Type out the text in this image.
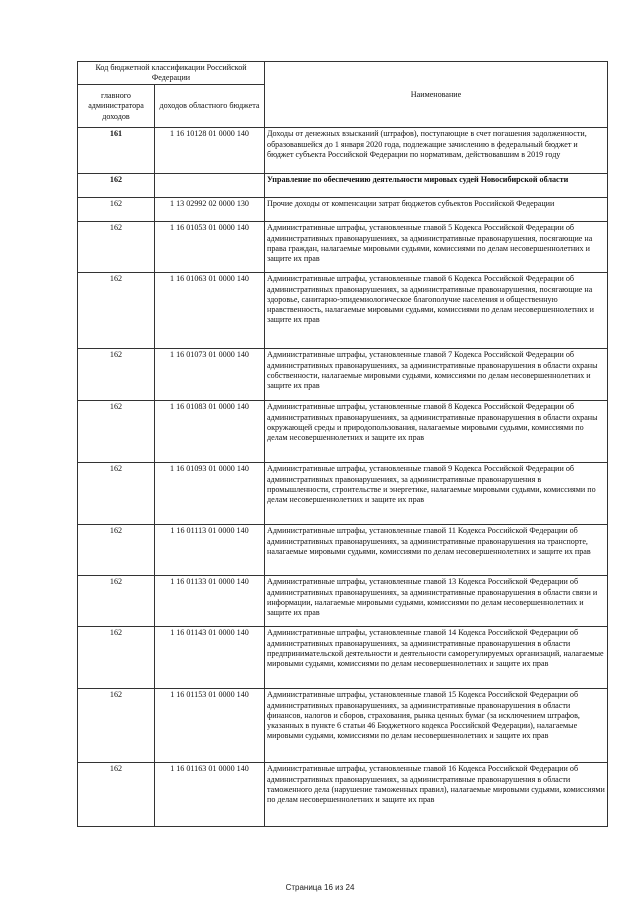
Код бюджетной классификации Российской Федерации		Наименование
главного администратора доходов	доходов областного бюджета	
161	1 16 10128 01 0000 140	Доходы от денежных взысканий (штрафов), поступающие в счет погашения задолженности, образовавшейся до 1 января 2020 года, подлежащие зачислению в федеральный бюджет и бюджет субъекта Российской Федерации по нормативам, действовавшим в 2019 году
162		Управление по обеспечению деятельности мировых судей Новосибирской области
162	1 13 02992 02 0000 130	Прочие доходы от компенсации затрат бюджетов субъектов Российской Федерации
162	1 16 01053 01 0000 140	Административные штрафы, установленные главой 5 Кодекса Российской Федерации об административных правонарушениях, за административные правонарушения, посягающие на права граждан, налагаемые мировыми судьями, комиссиями по делам несовершеннолетних и защите их прав
162	1 16 01063 01 0000 140	Административные штрафы, установленные главой 6 Кодекса Российской Федерации об административных правонарушениях, за административные правонарушения, посягающие на здоровье, санитарно-эпидемиологическое благополучие населения и общественную нравственность, налагаемые мировыми судьями, комиссиями по делам несовершеннолетних и защите их прав
162	1 16 01073 01 0000 140	Административные штрафы, установленные главой 7 Кодекса Российской Федерации об административных правонарушениях, за административные правонарушения в области охраны собственности, налагаемые мировыми судьями, комиссиями по делам несовершеннолетних и защите их прав
162	1 16 01083 01 0000 140	Административные штрафы, установленные главой 8 Кодекса Российской Федерации об административных правонарушениях, за административные правонарушения в области охраны окружающей среды и природопользования, налагаемые мировыми судьями, комиссиями по делам несовершеннолетних и защите их прав
162	1 16 01093 01 0000 140	Административные штрафы, установленные главой 9 Кодекса Российской Федерации об административных правонарушениях, за административные правонарушения в промышленности, строительстве и энергетике, налагаемые мировыми судьями, комиссиями по делам несовершеннолетних и защите их прав
162	1 16 01113 01 0000 140	Административные штрафы, установленные главой 11 Кодекса Российской Федерации об административных правонарушениях, за административные правонарушения на транспорте, налагаемые мировыми судьями, комиссиями по делам несовершеннолетних и защите их прав
162	1 16 01133 01 0000 140	Административные штрафы, установленные главой 13 Кодекса Российской Федерации об административных правонарушениях, за административные правонарушения в области связи и информации, налагаемые мировыми судьями, комиссиями по делам несовершеннолетних и защите их прав
162	1 16 01143 01 0000 140	Административные штрафы, установленные главой 14 Кодекса Российской Федерации об административных правонарушениях, за административные правонарушения в области предпринимательской деятельности и деятельности саморегулируемых организаций, налагаемые мировыми судьями, комиссиями по делам несовершеннолетних и защите их прав
162	1 16 01153 01 0000 140	Административные штрафы, установленные главой 15 Кодекса Российской Федерации об административных правонарушениях, за административные правонарушения в области финансов, налогов и сборов, страхования, рынка ценных бумаг (за исключением штрафов, указанных в пункте 6 статьи 46 Бюджетного кодекса Российской Федерации), налагаемые мировыми судьями, комиссиями по делам несовершеннолетних и защите их прав
162	1 16 01163 01 0000 140	Административные штрафы, установленные главой 16 Кодекса Российской Федерации об административных правонарушениях, за административные правонарушения в области таможенного дела (нарушение таможенных правил), налагаемые мировыми судьями, комиссиями по делам несовершеннолетних и защите их прав
Страница 16 из 24
